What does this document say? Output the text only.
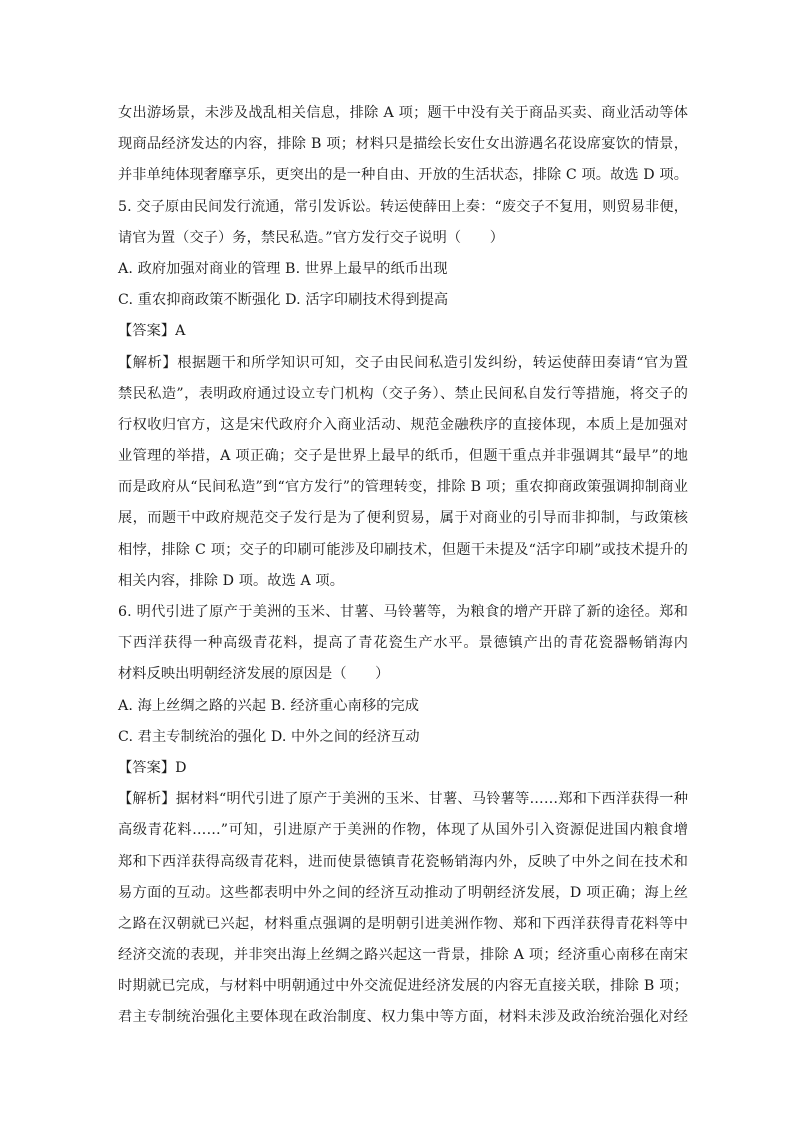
女出游场景，未涉及战乱相关信息，排除 A 项；题干中没有关于商品买卖、商业活动等体
现商品经济发达的内容，排除 B 项；材料只是描绘长安仕女出游遇名花设席宴饮的情景，
并非单纯体现奢靡享乐，更突出的是一种自由、开放的生活状态，排除 C 项。故选 D 项。
5. 交子原由民间发行流通，常引发诉讼。转运使薛田上奏：“废交子不复用，则贸易非便，
请官为置（交子）务，禁民私造。”官方发行交子说明（　　）
A. 政府加强对商业的管理 B. 世界上最早的纸币出现
C. 重农抑商政策不断强化 D. 活字印刷技术得到提高
【答案】A
【解析】根据题干和所学知识可知，交子由民间私造引发纠纷，转运使薛田奏请“官为置
禁民私造”，表明政府通过设立专门机构（交子务）、禁止民间私自发行等措施，将交子的
行权收归官方，这是宋代政府介入商业活动、规范金融秩序的直接体现，本质上是加强对
业管理的举措，A 项正确；交子是世界上最早的纸币，但题干重点并非强调其“最早”的地
而是政府从“民间私造”到“官方发行”的管理转变，排除 B 项；重农抑商政策强调抑制商业
展，而题干中政府规范交子发行是为了便利贸易，属于对商业的引导而非抑制，与政策核
相悖，排除 C 项；交子的印刷可能涉及印刷技术，但题干未提及“活字印刷”或技术提升的
相关内容，排除 D 项。故选 A 项。
6. 明代引进了原产于美洲的玉米、甘薯、马铃薯等，为粮食的增产开辟了新的途径。郑和
下西洋获得一种高级青花料，提高了青花瓷生产水平。景德镇产出的青花瓷器畅销海内
材料反映出明朝经济发展的原因是（　　）
A. 海上丝绸之路的兴起 B. 经济重心南移的完成
C. 君主专制统治的强化 D. 中外之间的经济互动
【答案】D
【解析】据材料“明代引进了原产于美洲的玉米、甘薯、马铃薯等……郑和下西洋获得一种
高级青花料……”可知，引进原产于美洲的作物，体现了从国外引入资源促进国内粮食增
郑和下西洋获得高级青花料，进而使景德镇青花瓷畅销海内外，反映了中外之间在技术和
易方面的互动。这些都表明中外之间的经济互动推动了明朝经济发展，D 项正确；海上丝
之路在汉朝就已兴起，材料重点强调的是明朝引进美洲作物、郑和下西洋获得青花料等中
经济交流的表现，并非突出海上丝绸之路兴起这一背景，排除 A 项；经济重心南移在南宋
时期就已完成，与材料中明朝通过中外交流促进经济发展的内容无直接关联，排除 B 项；
君主专制统治强化主要体现在政治制度、权力集中等方面，材料未涉及政治统治强化对经
